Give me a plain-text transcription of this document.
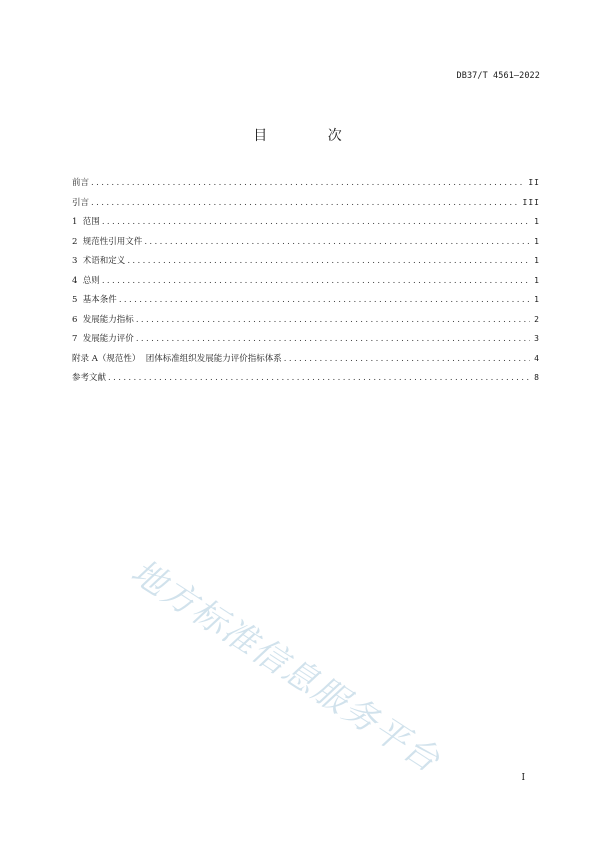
DB37/T 4561—2022
目 次
前言 .....	II
引言 .....	III
1  范围 .....	1
2  规范性引用文件 .....	1
3  术语和定义 .....	1
4  总则 .....	1
5  基本条件 .....	1
6  发展能力指标 .....	2
7  发展能力评价 .....	3
附录 A（规范性）  团体标准组织发展能力评价指标体系 .....	4
参考文献 .....	8
地方标准信息服务平台	I
